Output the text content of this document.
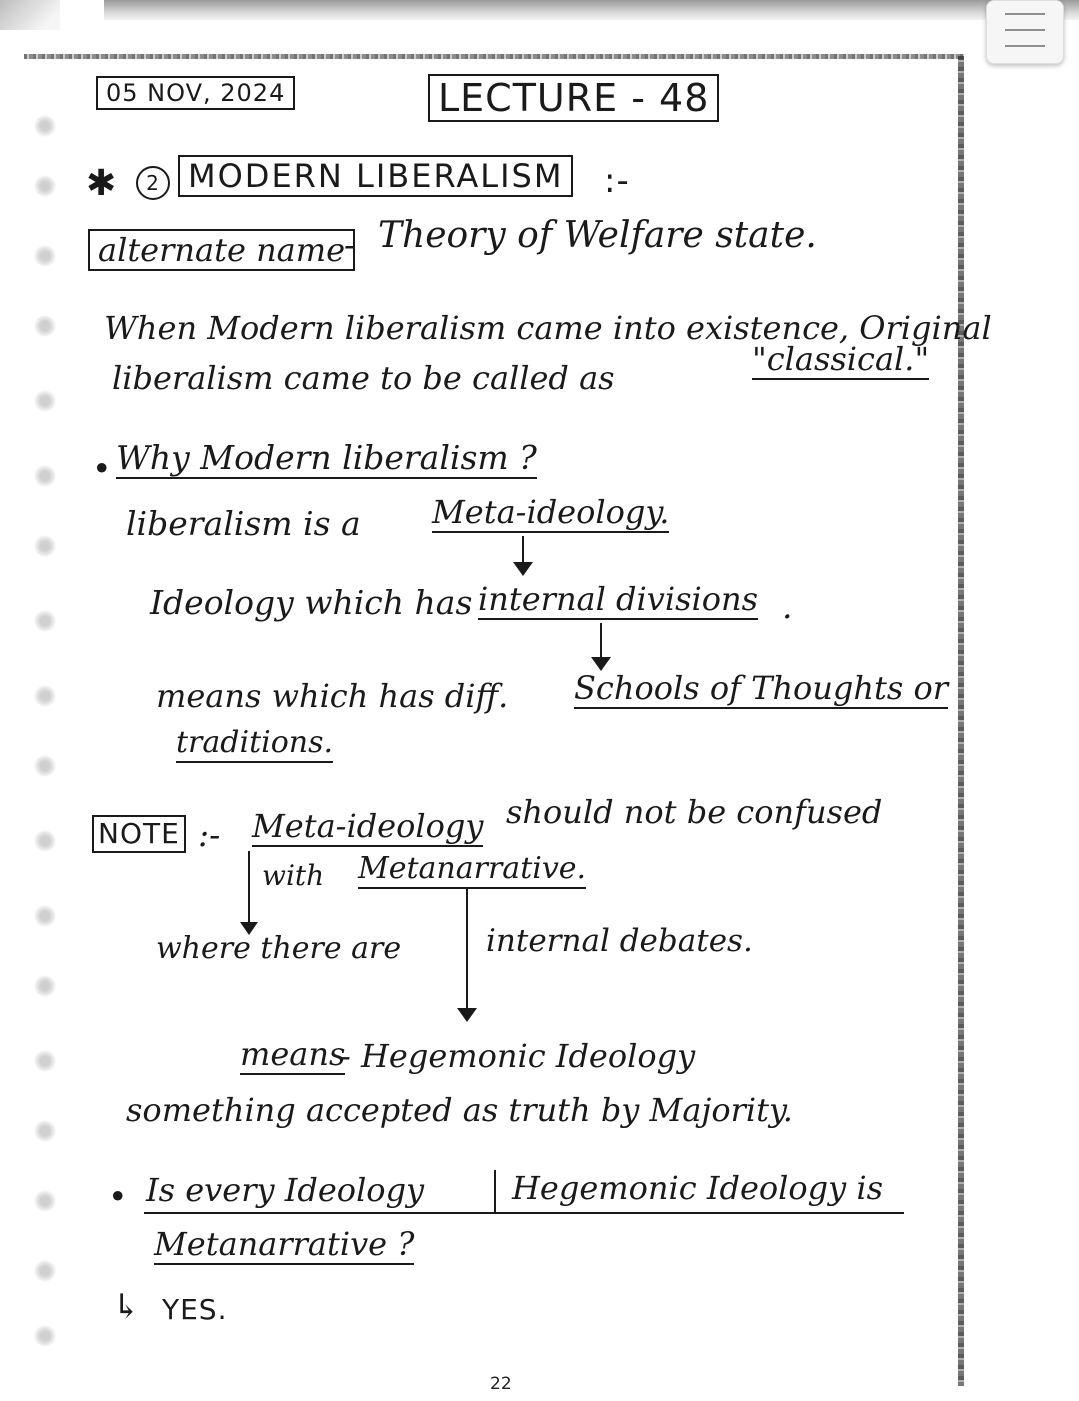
05 NOV, 2024	LECTURE - 48
✱	2 MODERN LIBERALISM :-
alternate name
- Theory of Welfare state.
When Modern liberalism came into existence, Original
liberalism came to be called as	"classical."
• Why Modern liberalism ?
liberalism is a Meta-ideology.
Ideology which has internal divisions .
means which has diff. Schools of Thoughts or
traditions.
NOTE :- Meta-ideology should not be confused
with Metanarrative.
where there are	internal debates.
means
- Hegemonic Ideology
something accepted as truth by Majority.
• Is every Ideology	Hegemonic Ideology is
Metanarrative ?
↳ YES.
22
